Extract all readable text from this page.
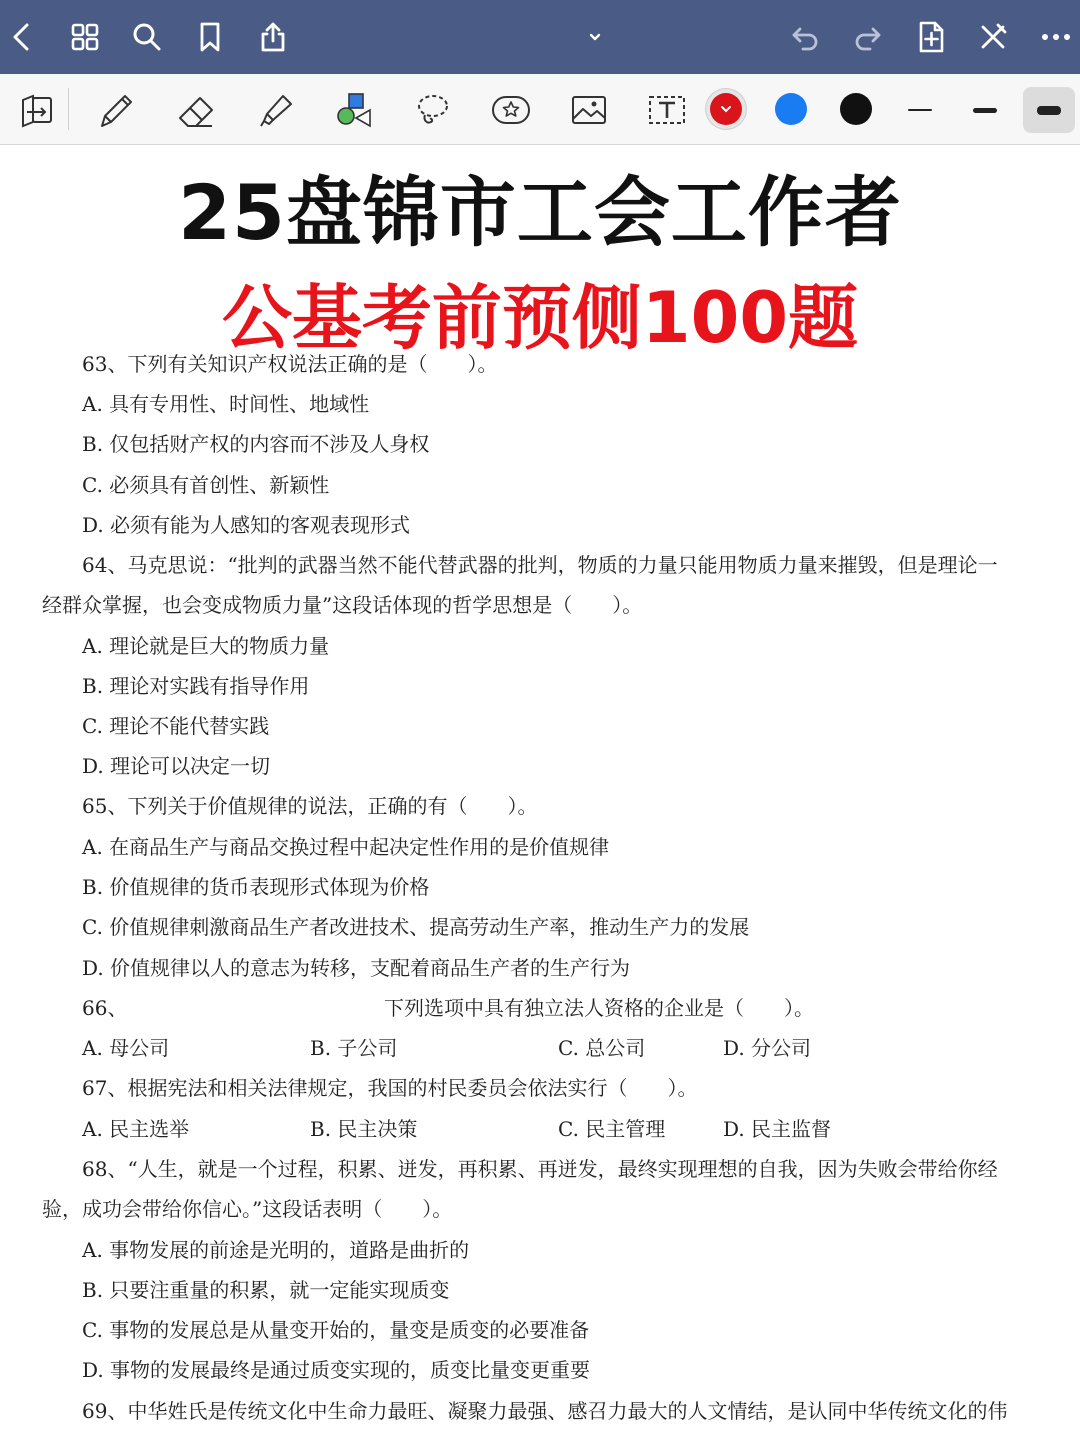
25盘锦市工会工作者
公基考前预侧100题
63、下列有关知识产权说法正确的是（　　）。
A. 具有专用性、时间性、地域性
B. 仅包括财产权的内容而不涉及人身权
C. 必须具有首创性、新颖性
D. 必须有能为人感知的客观表现形式
64、马克思说：“批判的武器当然不能代替武器的批判，物质的力量只能用物质力量来摧毁，但是理论一
经群众掌握，也会变成物质力量”这段话体现的哲学思想是（　　）。
A. 理论就是巨大的物质力量
B. 理论对实践有指导作用
C. 理论不能代替实践
D. 理论可以决定一切
65、下列关于价值规律的说法，正确的有（　　）。
A. 在商品生产与商品交换过程中起决定性作用的是价值规律
B. 价值规律的货币表现形式体现为价格
C. 价值规律刺激商品生产者改进技术、提高劳动生产率，推动生产力的发展
D. 价值规律以人的意志为转移，支配着商品生产者的生产行为
66、	下列选项中具有独立法人资格的企业是（　　）。
A. 母公司	B. 子公司	C. 总公司	D. 分公司
67、根据宪法和相关法律规定，我国的村民委员会依法实行（　　）。
A. 民主选举	B. 民主决策	C. 民主管理	D. 民主监督
68、“人生，就是一个过程，积累、迸发，再积累、再迸发，最终实现理想的自我，因为失败会带给你经
验，成功会带给你信心。”这段话表明（　　）。
A. 事物发展的前途是光明的，道路是曲折的
B. 只要注重量的积累，就一定能实现质变
C. 事物的发展总是从量变开始的，量变是质变的必要准备
D. 事物的发展最终是通过质变实现的，质变比量变更重要
69、中华姓氏是传统文化中生命力最旺、凝聚力最强、感召力最大的人文情结，是认同中华传统文化的伟
